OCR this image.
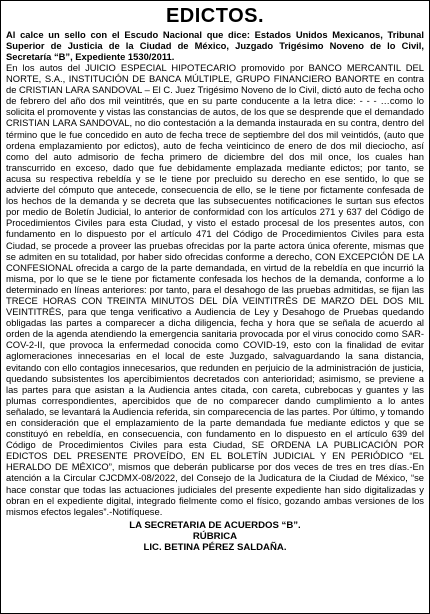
EDICTOS.

Al calce un sello con el Escudo Nacional que dice: Estados Unidos Mexicanos, Tribunal Superior de Justicia de la Ciudad de México, Juzgado Trigésimo Noveno de lo Civil, Secretaría “B”, Expediente 1530/2011.

En los autos del JUICIO ESPECIAL HIPOTECARIO promovido por BANCO MERCANTIL DEL NORTE, S.A., INSTITUCIÓN DE BANCA MÚLTIPLE, GRUPO FINANCIERO BANORTE en contra de CRISTIAN LARA SANDOVAL – El C. Juez Trigésimo Noveno de lo Civil, dictó auto de fecha ocho de febrero del año dos mil veintitrés, que en su parte conducente a la letra dice: - - - …como lo solicita el promovente y vistas las constancias de autos, de los que se desprende que el demandado CRISTIAN LARA SANDOVAL, no dio contestación a la demanda instaurada en su contra, dentro del término que le fue concedido en auto de fecha trece de septiembre del dos mil veintidós, (auto que ordena emplazamiento por edictos), auto de fecha veinticinco de enero de dos mil dieciocho, así como del auto admisorio de fecha primero de diciembre del dos mil once, los cuales han transcurrido en exceso, dado que fue debidamente emplazada mediante edictos; por tanto, se acusa su respectiva rebeldía y se le tiene por precluido su derecho en ese sentido, lo que se advierte del cómputo que antecede, consecuencia de ello, se le tiene por fictamente confesada de los hechos de la demanda y se decreta que las subsecuentes notificaciones le surtan sus efectos por medio de Boletín Judicial, lo anterior de conformidad con los artículos 271 y 637 del Código de Procedimientos Civiles para esta Ciudad, y visto el estado procesal de los presentes autos, con fundamento en lo dispuesto por el artículo 471 del Código de Procedimientos Civiles para esta Ciudad, se procede a proveer las pruebas ofrecidas por la parte actora única oferente, mismas que se admiten en su totalidad, por haber sido ofrecidas conforme a derecho, CON EXCEPCIÓN DE LA CONFESIONAL ofrecida a cargo de la parte demandada, en virtud de la rebeldía en que incurrió la misma, por lo que se le tiene por fictamente confesada los hechos de la demanda, conforme a lo determinado en líneas anteriores: por tanto, para el desahogo de las pruebas admitidas, se fijan las TRECE HORAS CON TREINTA MINUTOS DEL DÍA VEINTITRÉS DE MARZO DEL DOS MIL VEINTITRÉS, para que tenga verificativo a Audiencia de Ley y Desahogo de Pruebas quedando obligadas las partes a comparecer a dicha diligencia, fecha y hora que se señala de acuerdo al orden de la agenda atendiendo la emergencia sanitaria provocada por el virus conocido como SAR-COV-2-II, que provoca la enfermedad conocida como COVID-19, esto con la finalidad de evitar aglomeraciones innecesarias en el local de este Juzgado, salvaguardando la sana distancia, evitando con ello contagios innecesarios, que redunden en perjuicio de la administración de justicia, quedando subsistentes los apercibimientos decretados con anterioridad; asimismo, se previene a las partes para que asistan a la Audiencia antes citada, con careta, cubrebocas y guantes y las plumas correspondientes, apercibidos que de no comparecer dando cumplimiento a lo antes señalado, se levantará la Audiencia referida, sin comparecencia de las partes. Por último, y tomando en consideración que el emplazamiento de la parte demandada fue mediante edictos y que se constituyó en rebeldía, en consecuencia, con fundamento en lo dispuesto en el artículo 639 del Código de Procedimientos Civiles para esta Ciudad, SE ORDENA LA PUBLICACIÓN POR EDICTOS DEL PRESENTE PROVEÍDO, EN EL BOLETÍN JUDICIAL Y EN PERIÓDICO “EL HERALDO DE MÉXICO”, mismos que deberán publicarse por dos veces de tres en tres días.-En atención a la Circular CJCDMX-08/2022, del Consejo de la Judicatura de la Ciudad de México, “se hace constar que todas las actuaciones judiciales del presente expediente han sido digitalizadas y obran en el expediente digital, integrado fielmente como el físico, gozando ambas versiones de los mismos efectos legales”.-Notifíquese.

LA SECRETARIA DE ACUERDOS “B”.

RÚBRICA

LIC. BETINA PÉREZ SALDAÑA.
